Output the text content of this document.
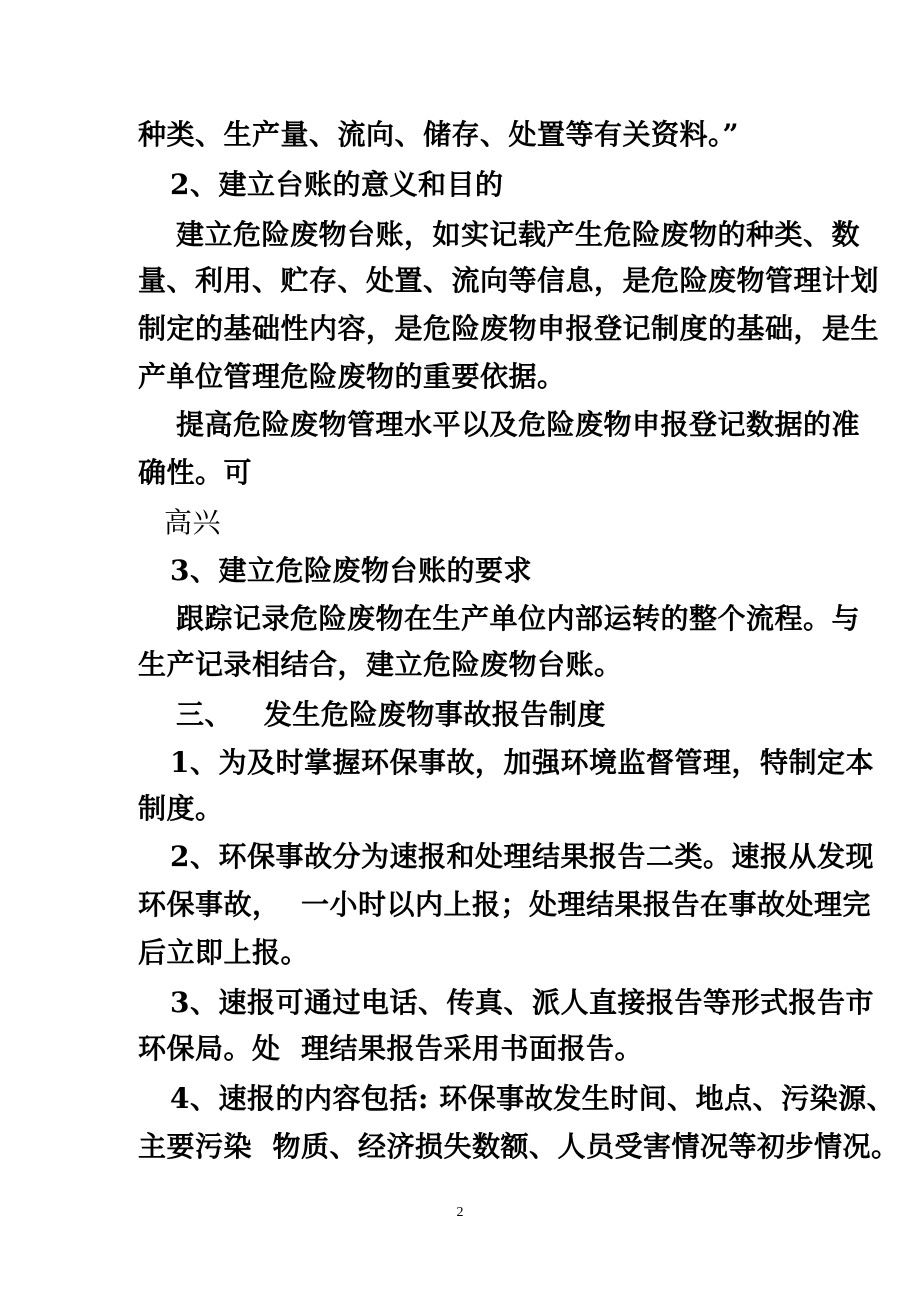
种类、生产量、流向、储存、处置等有关资料。”

2、建立台账的意义和目的

建立危险废物台账，如实记载产生危险废物的种类、数

量、利用、贮存、处置、流向等信息，是危险废物管理计划

制定的基础性内容，是危险废物申报登记制度的基础，是生

产单位管理危险废物的重要依据。

提高危险废物管理水平以及危险废物申报登记数据的准

确性。可

高兴

3、建立危险废物台账的要求

跟踪记录危险废物在生产单位内部运转的整个流程。与

生产记录相结合，建立危险废物台账。

三、   发生危险废物事故报告制度

1、为及时掌握环保事故，加强环境监督管理，特制定本

制度。

2、环保事故分为速报和处理结果报告二类。速报从发现

环保事故，  一小时以内上报；处理结果报告在事故处理完

后立即上报。

3、速报可通过电话、传真、派人直接报告等形式报告市

环保局。处  理结果报告采用书面报告。

4、速报的内容包括: 环保事故发生时间、地点、污染源、

主要污染  物质、经济损失数额、人员受害情况等初步情况。

2
